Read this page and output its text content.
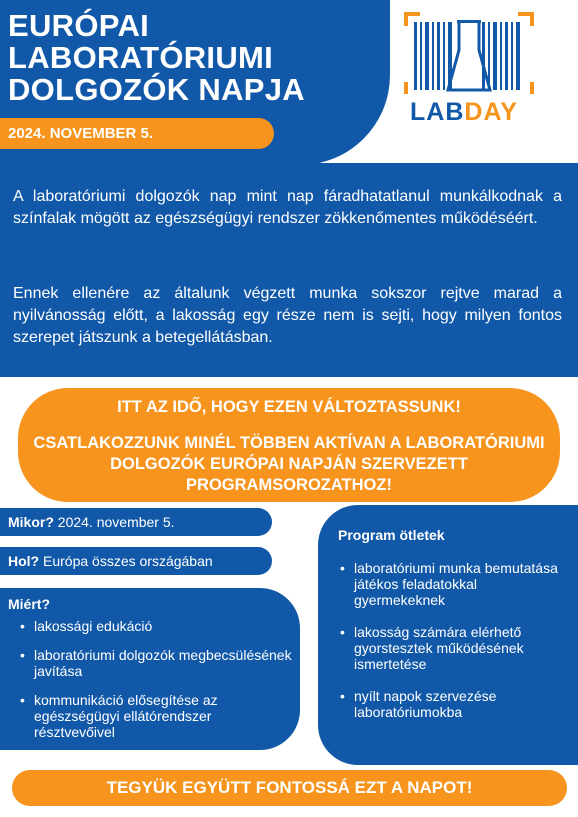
EURÓPAI
LABORATÓRIUMI
DOLGOZÓK NAPJA
2024. NOVEMBER 5.
LABDAY

A laboratóriumi dolgozók nap mint nap fáradhatatlanul munkálkodnak a színfalak mögött az egészségügyi rendszer zökkenőmentes működéséért.

Ennek ellenére az általunk végzett munka sokszor rejtve marad a nyilvánosság előtt, a lakosság egy része nem is sejti, hogy milyen fontos szerepet játszunk a betegellátásban.

ITT AZ IDŐ, HOGY EZEN VÁLTOZTASSUNK!
CSATLAKOZZUNK MINÉL TÖBBEN AKTÍVAN A LABORATÓRIUMI DOLGOZÓK EURÓPAI NAPJÁN SZERVEZETT PROGRAMSOROZATHOZ!
Mikor? 2024. november 5.
Hol? Európa összes országában
Miért?
• lakossági edukáció
• laboratóriumi dolgozók megbecsülésének javítása
• kommunikáció elősegítése az egészségügyi ellátórendszer résztvevőivel
Program ötletek
• laboratóriumi munka bemutatása játékos feladatokkal gyermekeknek
• lakosság számára elérhető gyorstesztek működésének ismertetése
• nyílt napok szervezése laboratóriumokba
TEGYÜK EGYÜTT FONTOSSÁ EZT A NAPOT!
